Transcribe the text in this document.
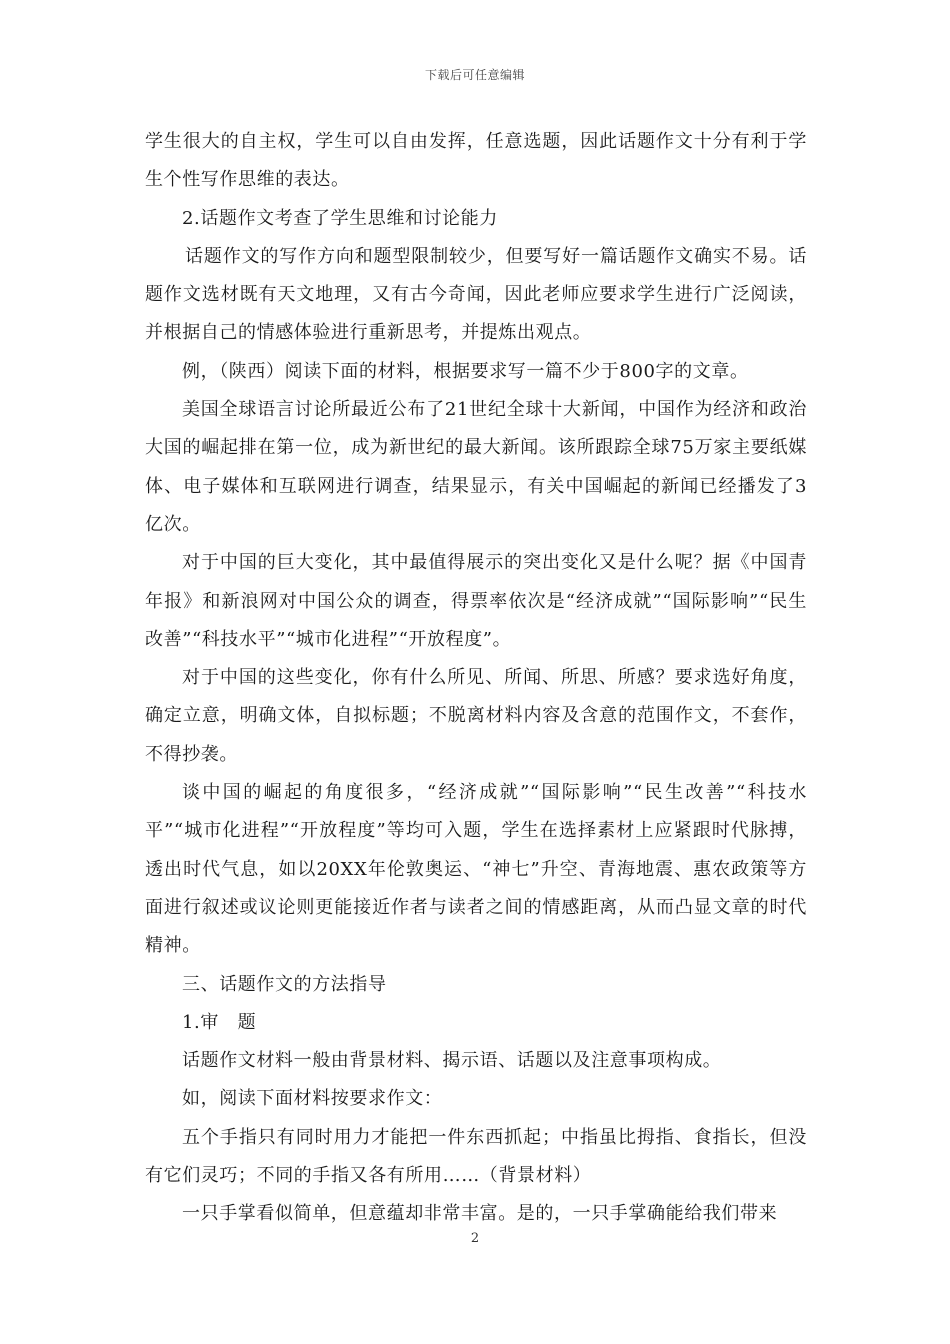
下载后可任意编辑

学生很大的自主权，学生可以自由发挥，任意选题，因此话题作文十分有利于学生个性写作思维的表达。

2.话题作文考查了学生思维和讨论能力

话题作文的写作方向和题型限制较少，但要写好一篇话题作文确实不易。话题作文选材既有天文地理，又有古今奇闻，因此老师应要求学生进行广泛阅读，并根据自己的情感体验进行重新思考，并提炼出观点。

例，（陕西）阅读下面的材料，根据要求写一篇不少于800字的文章。

美国全球语言讨论所最近公布了21世纪全球十大新闻，中国作为经济和政治大国的崛起排在第一位，成为新世纪的最大新闻。该所跟踪全球75万家主要纸媒体、电子媒体和互联网进行调查，结果显示，有关中国崛起的新闻已经播发了3亿次。

对于中国的巨大变化，其中最值得展示的突出变化又是什么呢？据《中国青年报》和新浪网对中国公众的调查，得票率依次是“经济成就”“国际影响”“民生改善”“科技水平”“城市化进程”“开放程度”。

对于中国的这些变化，你有什么所见、所闻、所思、所感？要求选好角度，确定立意，明确文体，自拟标题；不脱离材料内容及含意的范围作文，不套作，不得抄袭。

谈中国的崛起的角度很多，“经济成就”“国际影响”“民生改善”“科技水平”“城市化进程”“开放程度”等均可入题，学生在选择素材上应紧跟时代脉搏，透出时代气息，如以20XX年伦敦奥运、“神七”升空、青海地震、惠农政策等方面进行叙述或议论则更能接近作者与读者之间的情感距离，从而凸显文章的时代精神。

三、话题作文的方法指导

1.审　题

话题作文材料一般由背景材料、揭示语、话题以及注意事项构成。

如，阅读下面材料按要求作文：

五个手指只有同时用力才能把一件东西抓起；中指虽比拇指、食指长，但没有它们灵巧；不同的手指又各有所用……（背景材料）

一只手掌看似简单，但意蕴却非常丰富。是的，一只手掌确能给我们带来

2
